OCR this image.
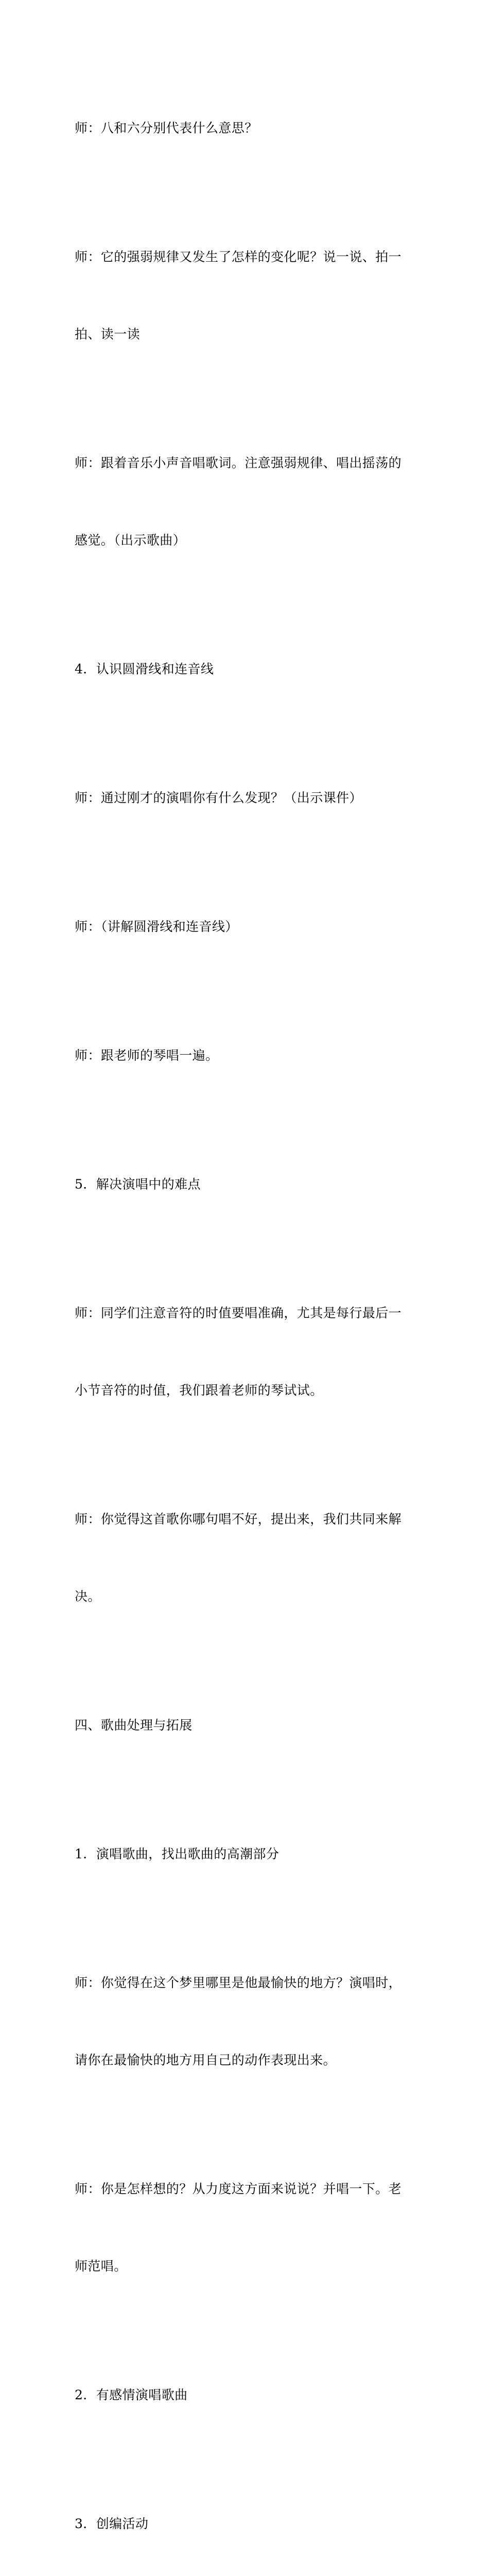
师：八和六分别代表什么意思？

师：它的强弱规律又发生了怎样的变化呢？说一说、拍一

拍、读一读

师：跟着音乐小声音唱歌词。注意强弱规律、唱出摇荡的

感觉。（出示歌曲）

4．认识圆滑线和连音线

师：通过刚才的演唱你有什么发现？（出示课件）

师：（讲解圆滑线和连音线）

师：跟老师的琴唱一遍。

5．解决演唱中的难点

师：同学们注意音符的时值要唱准确，尤其是每行最后一

小节音符的时值，我们跟着老师的琴试试。

师：你觉得这首歌你哪句唱不好，提出来，我们共同来解

决。

四、歌曲处理与拓展

1．演唱歌曲，找出歌曲的高潮部分

师：你觉得在这个梦里哪里是他最愉快的地方？演唱时，

请你在最愉快的地方用自己的动作表现出来。

师：你是怎样想的？从力度这方面来说说？并唱一下。老

师范唱。

2．有感情演唱歌曲

3．创编活动
